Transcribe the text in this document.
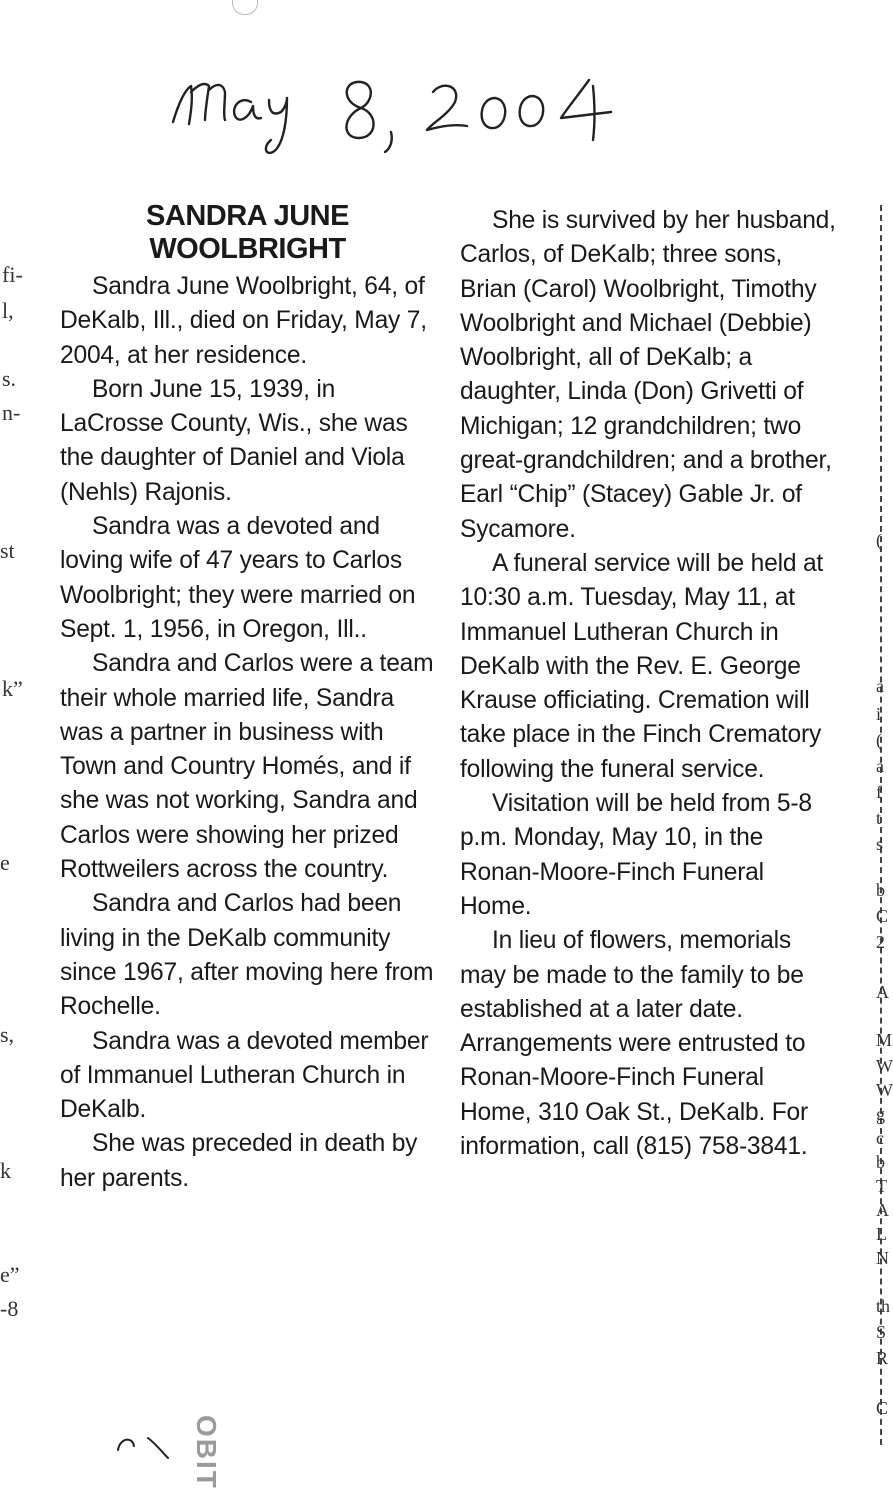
SANDRA JUNE
WOOLBRIGHT

Sandra June Woolbright, 64, of DeKalb, Ill., died on Friday, May 7, 2004, at her residence.

Born June 15, 1939, in LaCrosse County, Wis., she was the daughter of Daniel and Viola (Nehls) Rajonis.

Sandra was a devoted and loving wife of 47 years to Carlos Woolbright; they were married on Sept. 1, 1956, in Oregon, Ill..

Sandra and Carlos were a team their whole married life, Sandra was a partner in business with Town and Country Homés, and if she was not working, Sandra and Carlos were showing her prized Rottweilers across the country.

Sandra and Carlos had been living in the DeKalb community since 1967, after moving here from Rochelle.

Sandra was a devoted member of Immanuel Lutheran Church in DeKalb.

She was preceded in death by her parents.

She is survived by her husband, Carlos, of DeKalb; three sons, Brian (Carol) Woolbright, Timothy Woolbright and Michael (Debbie) Woolbright, all of DeKalb; a daughter, Linda (Don) Grivetti of Michigan; 12 grandchildren; two great-grandchildren; and a brother, Earl “Chip” (Stacey) Gable Jr. of Sycamore.

A funeral service will be held at 10:30 a.m. Tuesday, May 11, at Immanuel Lutheran Church in DeKalb with the Rev. E. George Krause officiating. Cremation will take place in the Finch Crematory following the funeral service.

Visitation will be held from 5-8 p.m. Monday, May 10, in the Ronan-Moore-Finch Funeral Home.

In lieu of flowers, memorials may be made to the family to be established at a later date. Arrangements were entrusted to Ronan-Moore-Finch Funeral Home, 310 Oak St., DeKalb. For information, call (815) 758-3841.

fi-
l,
s.
n-
st
k”
e
s,
k
e”
-8
(
a
i
(
a
f
t
s
b
C
2
A
M
W
W
g
c
b
T
A
L
N
th
S
R
C
OBIT
